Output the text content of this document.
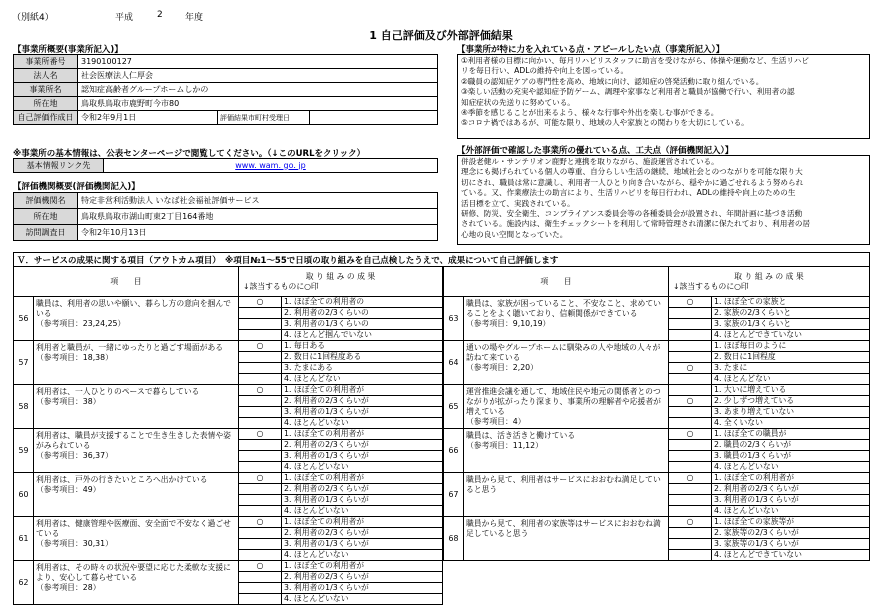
（別紙4）	平成	2 年度
1 自己評価及び外部評価結果
【事業所概要(事業所記入)】
事業所番号	3190100127		
法人名	社会医療法人仁厚会		
事業所名	認知症高齢者グループホームしかの		
所在地	鳥取県鳥取市鹿野町今市80		
自己評価作成日	令和2年9月1日	評価結果市町村受理日	
※事業所の基本情報は、公表センターページで閲覧してください。（↓このURLをクリック）
基本情報リンク先	www. wam. go. jp
【評価機関概要(評価機関記入)】
評価機関名	特定非営利活動法人 いなば社会福祉評価サービス
所在地	鳥取県鳥取市湖山町東2丁目164番地
訪問調査日	令和2年10月13日
【事業所が特に力を入れている点・アピールしたい点（事業所記入）】
①利用者様の目標に向かい、毎月リハビリスタッフに助言を受けながら、体操や運動など、生活リハビ
リを毎日行い、ADLの維持や向上を図っている。
②職員の認知症ケアの専門性を高め、地域に向け、認知症の啓発活動に取り組んでいる。
③楽しい活動の充実や認知症予防ゲーム、調理や家事など利用者と職員が協働で行い、利用者の認
知症症状の先送りに努めている。
④季節を感じることが出来るよう、様々な行事や外出を楽しむ事ができる。
⑤コロナ禍ではあるが、可能な限り、地域の人や家族との関わりを大切にしている。
【外部評価で確認した事業所の優れている点、工夫点（評価機関記入）】
併設老健ル・サンテリオン鹿野と連携を取りながら、施設運営されている。
理念にも掲げられている個人の尊重、自分らしい生活の継続、地域社会とのつながりを可能な限り大
切にされ、職員は常に意識し、利用者一人ひとり向き合いながら、穏やかに過ごせれるよう努められ
ている。又、作業療法士の助言により、生活リハビリを毎日行われ、ADLの維持や向上のための生
活目標を立て、実践されている。
研修、防災、安全衛生、コンプライアンス委員会等の各種委員会が設置され、年間計画に基づき活動
されている。施設内は、衛生チェックシートを利用して常時管理され清潔に保たれており、利用者の居
心地の良い空間となっていた。
Ｖ．サービスの成果に関する項目（アウトカム項目）　※項目№1～55で日頃の取り組みを自己点検したうえで、成果について自己評価します
項　　目		取 り 組 み の 成 果
↓該当するものに○印	

56	職員は、利用者の思いや願い、暮らし方の意向を掴んでいる
（参考項目：23,24,25）	○	1. ほぼ全ての利用者の
			2. 利用者の2/3くらいの
			3. 利用者の1/3くらいの
			4. ほとんど掴んでいない
57	利用者と職員が、一緒にゆったりと過ごす場面がある
（参考項目：18,38）	○	1. 毎日ある
			2. 数日に1回程度ある
			3. たまにある
			4. ほとんどない
58	利用者は、一人ひとりのペースで暮らしている
（参考項目：38）	○	1. ほぼ全ての利用者が
			2. 利用者の2/3くらいが
			3. 利用者の1/3くらいが
			4. ほとんどいない
59	利用者は、職員が支援することで生き生きした表情や姿がみられている
（参考項目：36,37）	○	1. ほぼ全ての利用者が
			2. 利用者の2/3くらいが
			3. 利用者の1/3くらいが
			4. ほとんどいない
60	利用者は、戸外の行きたいところへ出かけている
（参考項目：49）	○	1. ほぼ全ての利用者が
			2. 利用者の2/3くらいが
			3. 利用者の1/3くらいが
			4. ほとんどいない
61	利用者は、健康管理や医療面、安全面で不安なく過ごせている
（参考項目：30,31）	○	1. ほぼ全ての利用者が
			2. 利用者の2/3くらいが
			3. 利用者の1/3くらいが
			4. ほとんどいない
62	利用者は、その時々の状況や要望に応じた柔軟な支援により、安心して暮らせている
（参考項目：28）	○	1. ほぼ全ての利用者が
			2. 利用者の2/3くらいが
			3. 利用者の1/3くらいが
			4. ほとんどいない
項　　目		取 り 組 み の 成 果
↓該当するものに○印	

63	職員は、家族が困っていること、不安なこと、求めていることをよく聴いており、信頼関係ができている
（参考項目：9,10,19）	○	1. ほぼ全ての家族と
			2. 家族の2/3くらいと
			3. 家族の1/3くらいと
			4. ほとんどできていない
64	通いの場やグループホームに馴染みの人や地域の人々が訪ねて来ている
（参考項目：2,20）		1. ほぼ毎日のように
			2. 数日に1回程度
		○	3. たまに
			4. ほとんどない
65	運営推進会議を通して、地域住民や地元の関係者とのつながりが拡がったり深まり、事業所の理解者や応援者が増えている
（参考項目：4）		1. 大いに増えている
		○	2. 少しずつ増えている
			3. あまり増えていない
			4. 全くいない
66	職員は、活き活きと働けている
（参考項目：11,12）	○	1. ほぼ全ての職員が
			2. 職員の2/3くらいが
			3. 職員の1/3くらいが
			4. ほとんどいない
67	職員から見て、利用者はサービスにおおむね満足していると思う	○	1. ほぼ全ての利用者が
			2. 利用者の2/3くらいが
			3. 利用者の1/3くらいが
			4. ほとんどいない
68	職員から見て、利用者の家族等はサービスにおおむね満足していると思う	○	1. ほぼ全ての家族等が
			2. 家族等の2/3くらいが
			3. 家族等の1/3くらいが
			4. ほとんどできていない
